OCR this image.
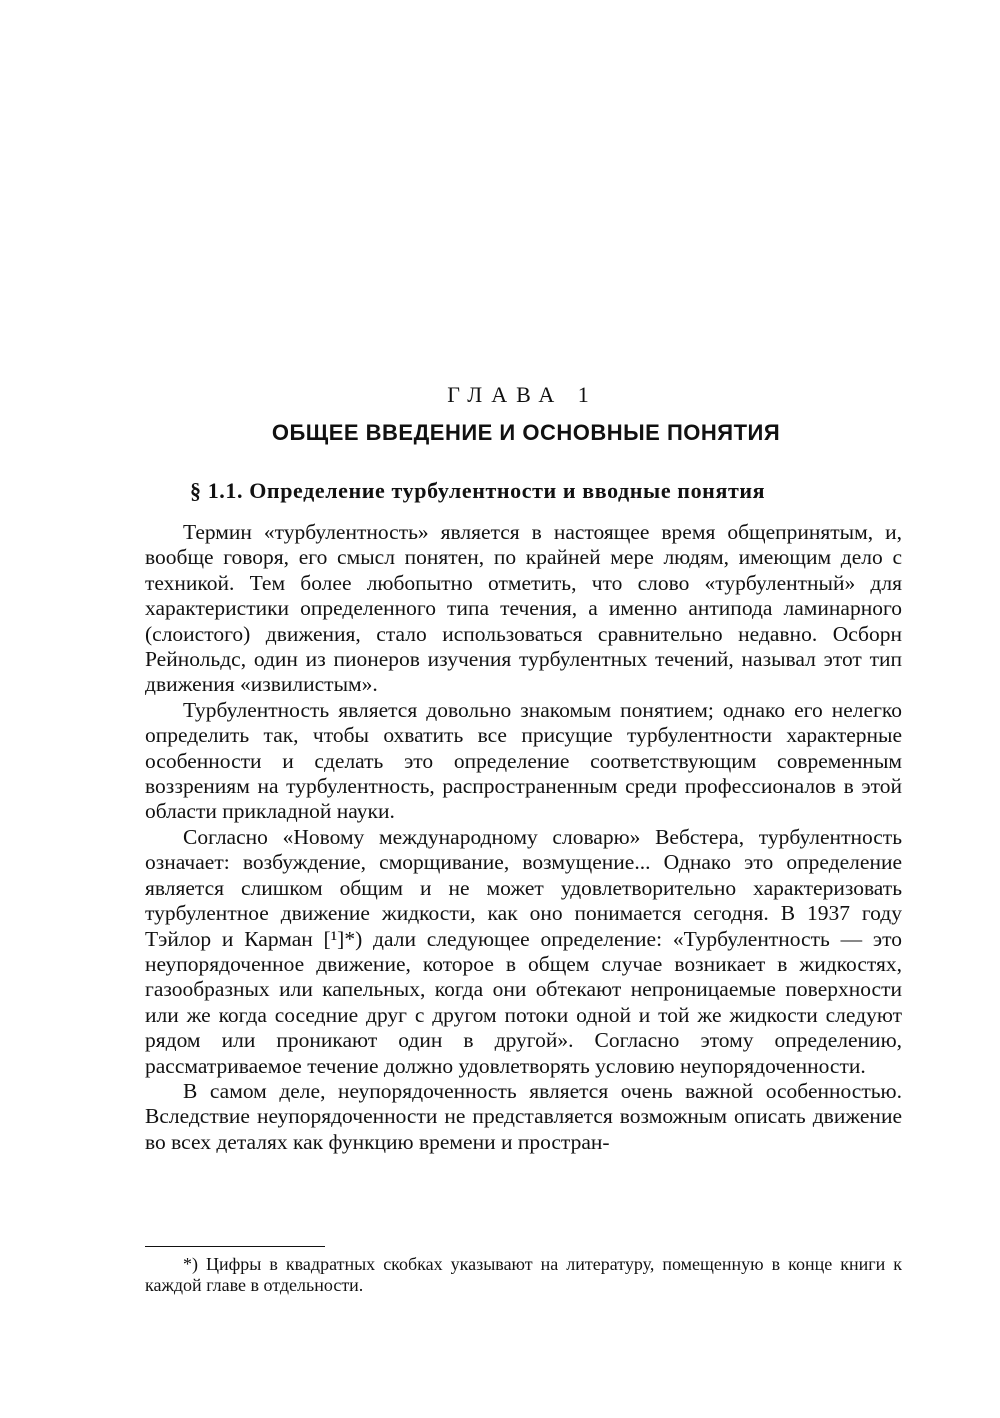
ГЛАВА 1
ОБЩЕЕ ВВЕДЕНИЕ И ОСНОВНЫЕ ПОНЯТИЯ
§ 1.1. Определение турбулентности и вводные понятия

Термин «турбулентность» является в настоящее время общепринятым, и, вообще говоря, его смысл понятен, по крайней мере людям, имеющим дело с техникой. Тем более любопытно отметить, что слово «турбулентный» для характеристики определенного типа течения, а именно антипода ламинарного (слоистого) движения, стало использоваться сравнительно недавно. Осборн Рейнольдс, один из пионеров изучения турбулентных течений, называл этот тип движения «извилистым».

Турбулентность является довольно знакомым понятием; однако его нелегко определить так, чтобы охватить все присущие турбулентности характерные особенности и сделать это определение соответствующим современным воззрениям на турбулентность, распространенным среди профессионалов в этой области прикладной науки.

Согласно «Новому международному словарю» Вебстера, турбулентность означает: возбуждение, сморщивание, возмущение... Однако это определение является слишком общим и не может удовлетворительно характеризовать турбулентное движение жидкости, как оно понимается сегодня. В 1937 году Тэйлор и Карман [¹]*) дали следующее определение: «Турбулентность — это неупорядоченное движение, которое в общем случае возникает в жидкостях, газообразных или капельных, когда они обтекают непроницаемые поверхности или же когда соседние друг с другом потоки одной и той же жидкости следуют рядом или проникают один в другой». Согласно этому определению, рассматриваемое течение должно удовлетворять условию неупорядоченности.

В самом деле, неупорядоченность является очень важной особенностью. Вследствие неупорядоченности не представляется возможным описать движение во всех деталях как функцию времени и простран-

*) Цифры в квадратных скобках указывают на литературу, помещенную в конце книги к каждой главе в отдельности.
